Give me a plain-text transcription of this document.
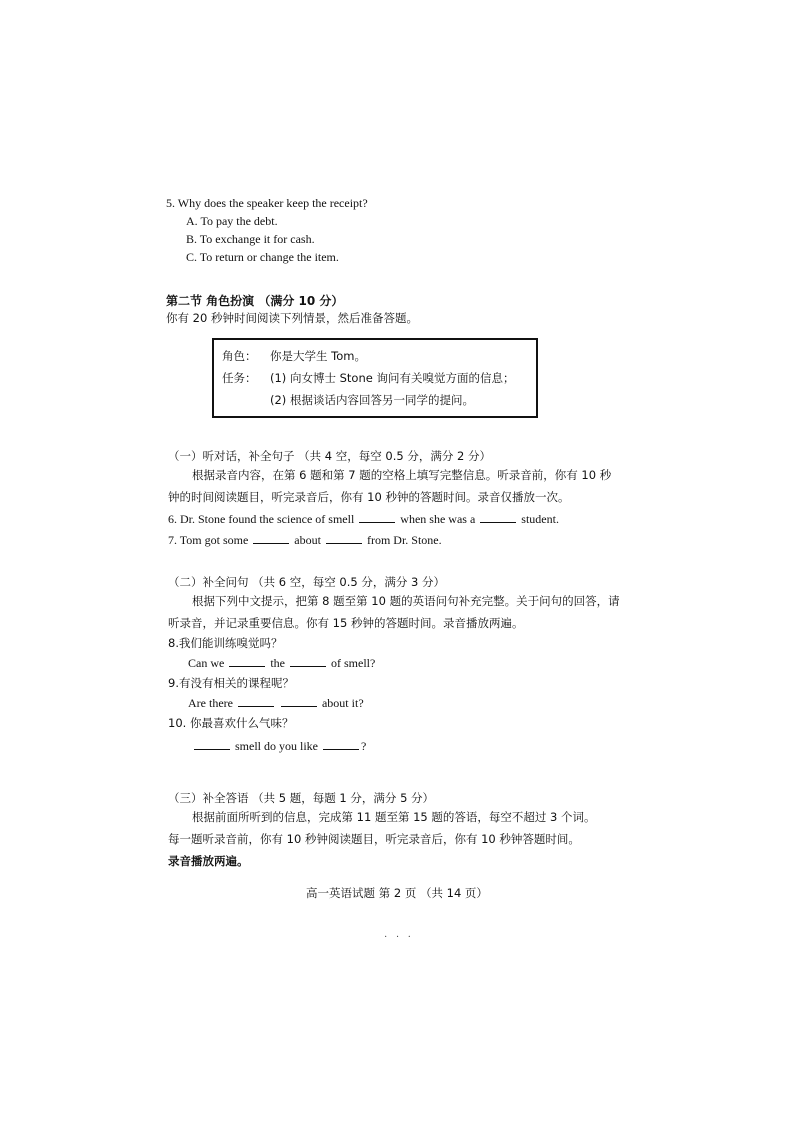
5. Why does the speaker keep the receipt?
A. To pay the debt.
B. To exchange it for cash.
C. To return or change the item.
第二节 角色扮演 （满分 10 分）
你有 20 秒钟时间阅读下列情景，然后准备答题。
角色： 你是大学生 Tom。
任务： (1) 向女博士 Stone 询问有关嗅觉方面的信息；
(2) 根据谈话内容回答另一同学的提问。
（一）听对话，补全句子 （共 4 空，每空 0.5 分，满分 2 分）
根据录音内容，在第 6 题和第 7 题的空格上填写完整信息。听录音前，你有 10 秒钟的时间阅读题目，听完录音后，你有 10 秒钟的答题时间。录音仅播放一次。
6. Dr. Stone found the science of smell	when she was a	student.
7. Tom got some	about	from Dr. Stone.
（二）补全问句 （共 6 空，每空 0.5 分，满分 3 分）
根据下列中文提示，把第 8 题至第 10 题的英语问句补充完整。关于问句的回答，请听录音，并记录重要信息。你有 15 秒钟的答题时间。录音播放两遍。
8.我们能训练嗅觉吗？
Can we	the	of smell?
9.有没有相关的课程呢？
Are there	about it?
10. 你最喜欢什么气味？
smell do you like	?
（三）补全答语 （共 5 题，每题 1 分，满分 5 分）
根据前面所听到的信息，完成第 11 题至第 15 题的答语，每空不超过 3 个词。
每一题听录音前，你有 10 秒钟阅读题目，听完录音后，你有 10 秒钟答题时间。
录音播放两遍。
高一英语试题 第 2 页 （共 14 页）
· · ·
